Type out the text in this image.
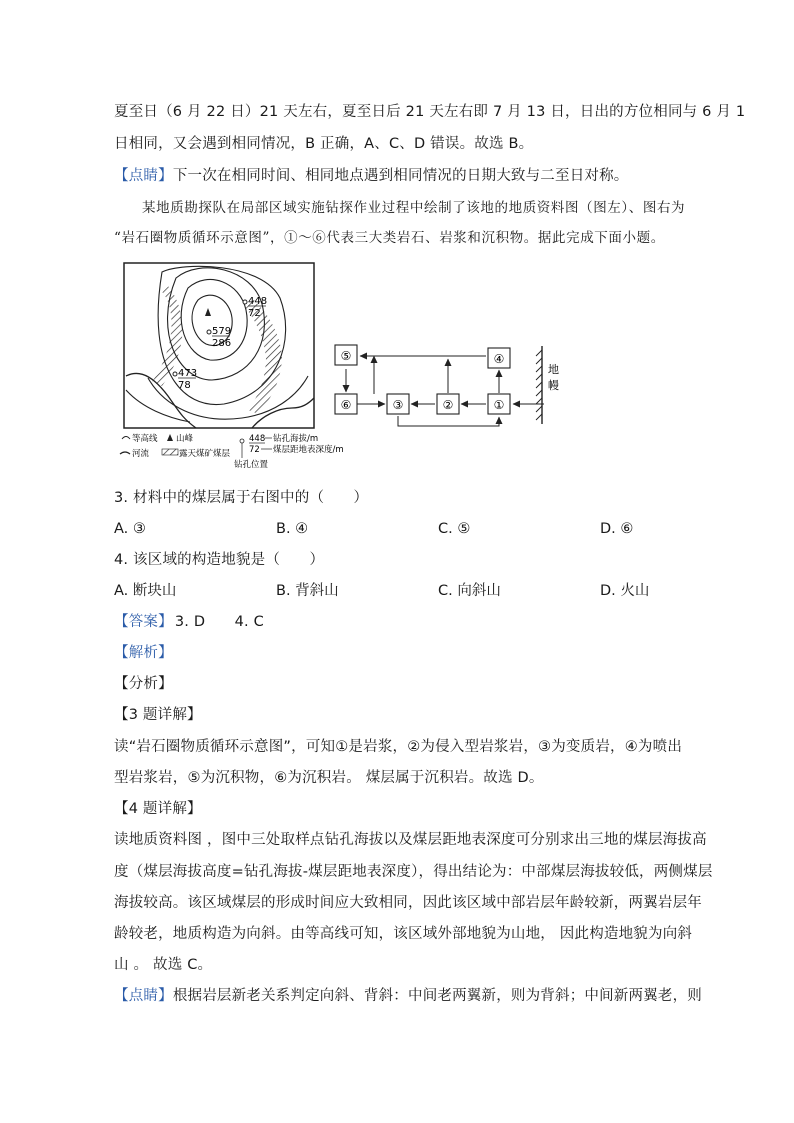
夏至日（6 月 22 日）21 天左右，夏至日后 21 天左右即 7 月 13 日，日出的方位相同与 6 月 1
日相同，又会遇到相同情况，B 正确，A、C、D 错误。故选 B。
【点睛】下一次在相同时间、相同地点遇到相同情况的日期大致与二至日对称。
某地质勘探队在局部区域实施钻探作业过程中绘制了该地的地质资料图（图左）、图右为
“岩石圈物质循环示意图”，①～⑥代表三大类岩石、岩浆和沉积物。据此完成下面小题。
448
72
579
286
473
78
等高线 山峰
河流	露天煤矿煤层
448 钻孔海拔/m
72 煤层距地表深度/m
钻孔位置
⑤
⑥	③	②	①
④
地
幔
3. 材料中的煤层属于右图中的（　　）
A. ③	B. ④	C. ⑤	D. ⑥
4. 该区域的构造地貌是（　　）
A. 断块山	B. 背斜山	C. 向斜山	D. 火山
【答案】 3. D　　4. C
【解析】
【分析】
【3 题详解】
读“岩石圈物质循环示意图”，可知①是岩浆，②为侵入型岩浆岩，③为变质岩，④为喷出
型岩浆岩，⑤为沉积物，⑥为沉积岩。 煤层属于沉积岩。故选 D。
【4 题详解】
读地质资料图 ，图中三处取样点钻孔海拔以及煤层距地表深度可分别求出三地的煤层海拔高
度（煤层海拔高度=钻孔海拔-煤层距地表深度），得出结论为：中部煤层海拔较低，两侧煤层
海拔较高。该区域煤层的形成时间应大致相同，因此该区域中部岩层年龄较新，两翼岩层年
龄较老，地质构造为向斜。由等高线可知，该区域外部地貌为山地， 因此构造地貌为向斜
山 。 故选 C。
【点睛】根据岩层新老关系判定向斜、背斜：中间老两翼新，则为背斜；中间新两翼老，则
